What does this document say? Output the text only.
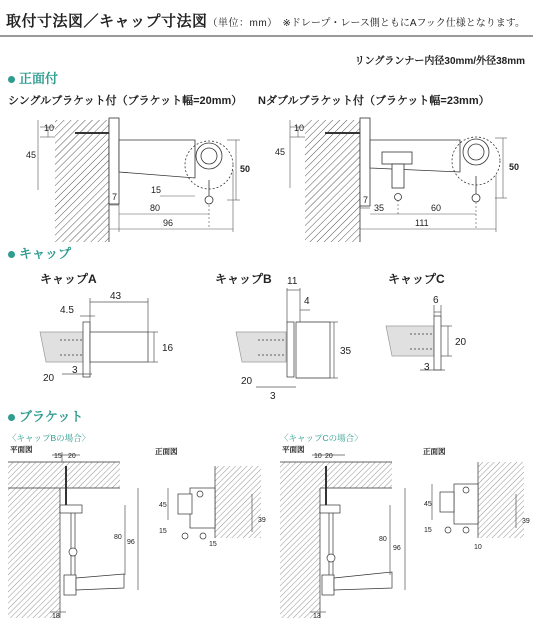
取付寸法図／キャップ寸法図（単位：mm） ※ドレープ・レース側ともにAフック仕様となります。
10
45
50
7
15
80
96
10
45
50
7
35	60
111
43
4.5
16
20
3
11
4
35
20
3
6
20
3
15 20
80
96
18
45
15
15
39
10 20
80
96
13
45
15
10
39
リングランナー内径30mm/外径38mm
正面付
シングルブラケット付（ブラケット幅=20mm） Nダブルブラケット付（ブラケット幅=23mm）
キャップ
キャップA	キャップB	キャップC
ブラケット
〈キャップBの場合〉	〈キャップCの場合〉
平面図	正面図	平面図	正面図
